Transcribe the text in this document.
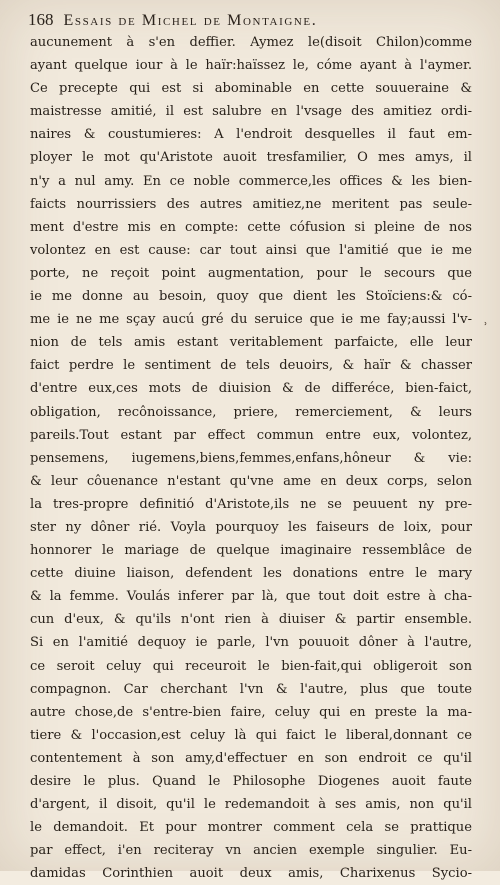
168 Essais de Michel de Montaigne.
aucunement à s'en deffier. Aymez le(disoit Chilon)comme
ayant quelque iour à le haïr:haïssez le, cóme ayant à l'aymer.
Ce precepte qui est si abominable en cette souueraine &
maistresse amitié, il est salubre en l'vsage des amitiez ordi-
naires & coustumieres: A l'endroit desquelles il faut em-
ployer le mot qu'Aristote auoit tresfamilier, O mes amys, il
n'y a nul amy. En ce noble commerce,les offices & les bien-
faicts nourrissiers des autres amitiez,ne meritent pas seule-
ment d'estre mis en compte: cette cófusion si pleine de nos
volontez en est cause: car tout ainsi que l'amitié que ie me
porte, ne reçoit point augmentation, pour le secours que
ie me donne au besoin, quoy que dient les Stoïciens:& có-
me ie ne me sçay aucú gré du seruice que ie me fay;aussi l'v-
nion de tels amis estant veritablement parfaicte, elle leur
faict perdre le sentiment de tels deuoirs, & haïr & chasser
d'entre eux,ces mots de diuision & de differéce, bien-faict,
obligation, recônoissance, priere, remerciement, & leurs
pareils.Tout estant par effect commun entre eux, volontez,
pensemens, iugemens,biens,femmes,enfans,hôneur & vie:
& leur côuenance n'estant qu'vne ame en deux corps, selon
la tres-propre definitió d'Aristote,ils ne se peuuent ny pre-
ster ny dôner rié. Voyla pourquoy les faiseurs de loix, pour
honnorer le mariage de quelque imaginaire ressemblâce de
cette diuine liaison, defendent les donations entre le mary
& la femme. Voulás inferer par là, que tout doit estre à cha-
cun d'eux, & qu'ils n'ont rien à diuiser & partir ensemble.
Si en l'amitié dequoy ie parle, l'vn pouuoit dôner à l'autre,
ce seroit celuy qui receuroit le bien-fait,qui obligeroit son
compagnon. Car cherchant l'vn & l'autre, plus que toute
autre chose,de s'entre-bien faire, celuy qui en preste la ma-
tiere & l'occasion,est celuy là qui faict le liberal,donnant ce
contentement à son amy,d'effectuer en son endroit ce qu'il
desire le plus. Quand le Philosophe Diogenes auoit faute
d'argent, il disoit, qu'il le redemandoit à ses amis, non qu'il
le demandoit. Et pour montrer comment cela se prattique
par effect, i'en reciteray vn ancien exemple singulier. Eu-
damidas Corinthien auoit deux amis, Charixenus Sycio-
ʾ
